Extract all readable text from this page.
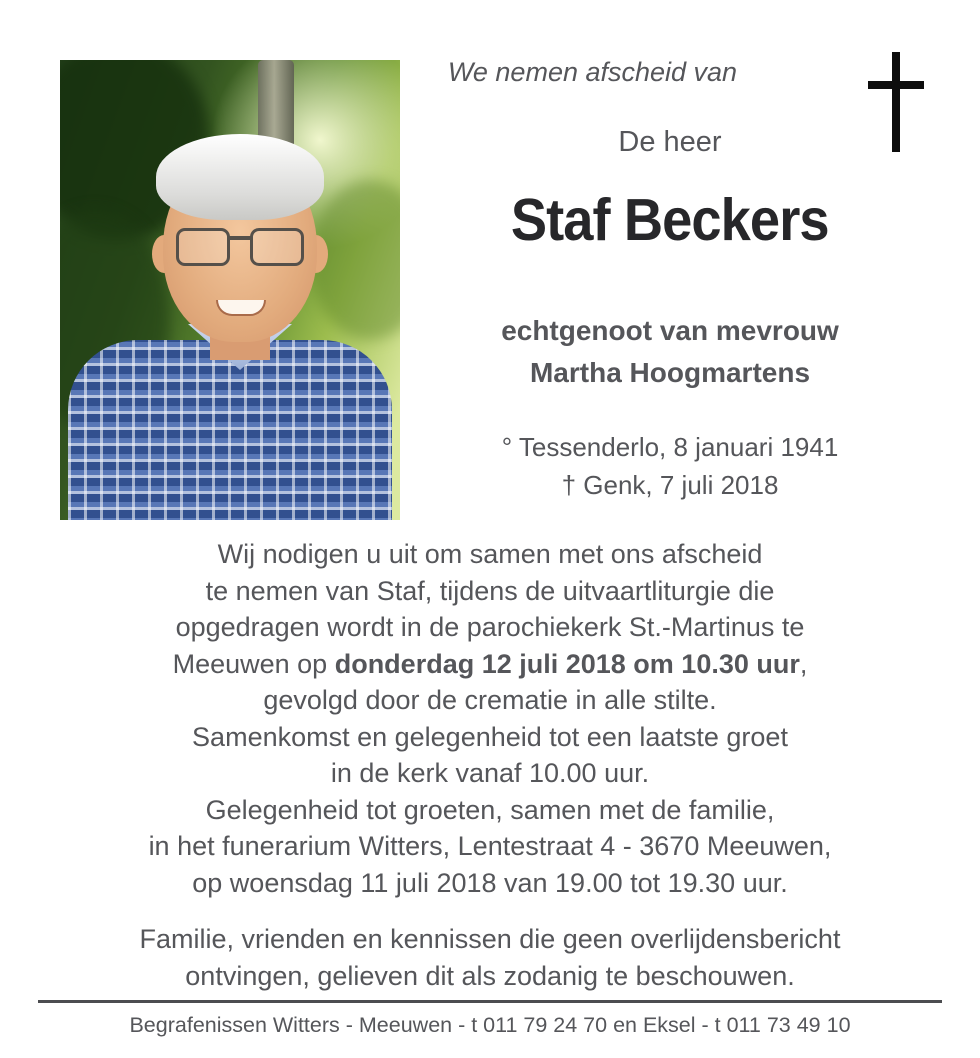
We nemen afscheid van
De heer
Staf Beckers
echtgenoot van mevrouw
Martha Hoogmartens
° Tessenderlo, 8 januari 1941
† Genk, 7 juli 2018
Wij nodigen u uit om samen met ons afscheid
te nemen van Staf, tijdens de uitvaartliturgie die
opgedragen wordt in de parochiekerk St.-Martinus te
Meeuwen op donderdag 12 juli 2018 om 10.30 uur,
gevolgd door de crematie in alle stilte.
Samenkomst en gelegenheid tot een laatste groet
in de kerk vanaf 10.00 uur.
Gelegenheid tot groeten, samen met de familie,
in het funerarium Witters, Lentestraat 4 - 3670 Meeuwen,
op woensdag 11 juli 2018 van 19.00 tot 19.30 uur.
Familie, vrienden en kennissen die geen overlijdensbericht
ontvingen, gelieven dit als zodanig te beschouwen.
Begrafenissen Witters - Meeuwen - t 011 79 24 70 en Eksel - t 011 73 49 10
